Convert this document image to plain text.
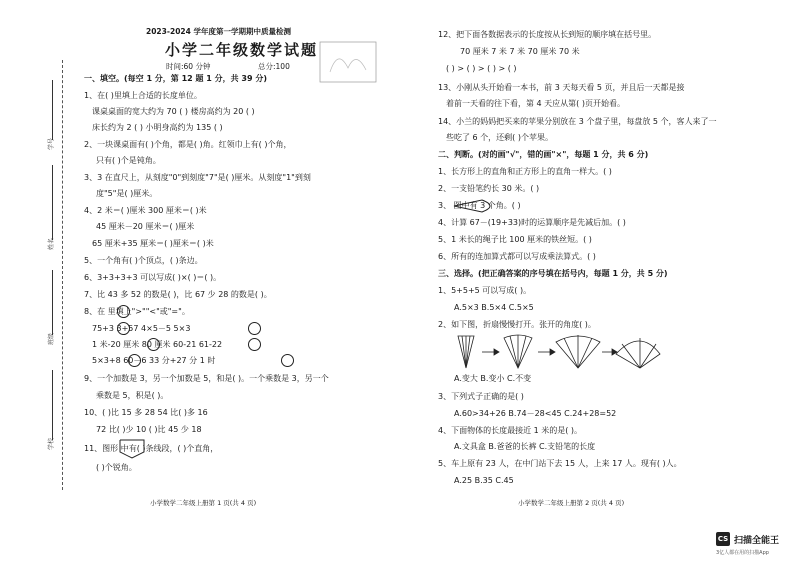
学号
姓名
班级
学校
2023-2024 学年度第一学期期中质量检测
小学二年级数学试题
时间:60 分钟	总分:100
一、填空。(每空 1 分，第 12 题 1 分，共 39 分)
1、在( )里填上合适的长度单位。
课桌桌面的宽大约为 70 ( ) 楼房高约为 20 ( )
床长约为 2 ( ) 小明身高约为 135 ( )
2、一块课桌面有( )个角，都是( )角。红领巾上有( )个角，
只有( )个是钝角。
3、3 在直尺上，从刻度"0"到刻度"7"是( )厘米。从刻度"1"到刻
度"5"是( )厘米。
4、2 米＝( )厘米 300 厘米＝( )米
45 厘米－20 厘米＝( )厘米
65 厘米+35 厘米＝( )厘米＝( )米
5、一个角有( )个顶点，( )条边。
6、3+3+3+3 可以写成( )×( )＝( )。
7、比 43 多 52 的数是( )，比 67 少 28 的数是( )。
8、在 里填上">""<"或"="。
75+3 3+57 4×5－5 5×3
1 米-20 厘米 80 厘米 60-21 61-22
5×3+8 60－6 33 分+27 分 1 时
9、一个加数是 3，另一个加数是 5，和是( )。一个乘数是 3，另一个
乘数是 5，积是( )。
10、( )比 15 多 28 54 比( )多 16
72 比( )少 10 ( )比 45 少 18
11、图形 中有( )条线段，( )个直角，
( )个锐角。
12、把下面各数据表示的长度按从长到短的顺序填在括号里。
70 厘米 7 米 7 米 70 厘米 70 米
( ) > ( ) > ( ) > ( )
13、小刚从头开始看一本书，前 3 天每天看 5 页，并且后一天都是接
着前一天看的往下看，第 4 天应从第( )页开始看。
14、小兰的妈妈把买来的苹果分别放在 3 个盘子里，每盘放 5 个，客人来了一
些吃了 6 个，还剩( )个苹果。
二、判断。(对的画"√"，错的画"×"，每题 1 分，共 6 分)
1、长方形上的直角和正方形上的直角一样大。( )
2、一支铅笔约长 30 米。( )
3、 图中有 3 个角。( )
4、计算 67－(19+33)时的运算顺序是先减后加。( )
5、1 米长的绳子比 100 厘米的铁丝短。( )
6、所有的连加算式都可以写成乘法算式。( )
三、选择。(把正确答案的序号填在括号内，每题 1 分，共 5 分)
1、5+5+5 可以写成( )。
A.5×3 B.5×4 C.5×5
2、如下图，折扇慢慢打开。张开的角度( )。
A.变大 B.变小 C.不变
3、下列式子正确的是( )
A.60>34+26 B.74－28<45 C.24+28=52
4、下面物体的长度最接近 1 米的是( )。
A.文具盒 B.爸爸的长裤 C.支铅笔的长度
5、车上原有 23 人，在中门站下去 15 人，上来 17 人。现有( )人。
A.25 B.35 C.45
小学数学二年级上册第 1 页(共 4 页)	小学数学二年级上册第 2 页(共 4 页)
CS 扫描全能王
3亿人都在用的扫描App
